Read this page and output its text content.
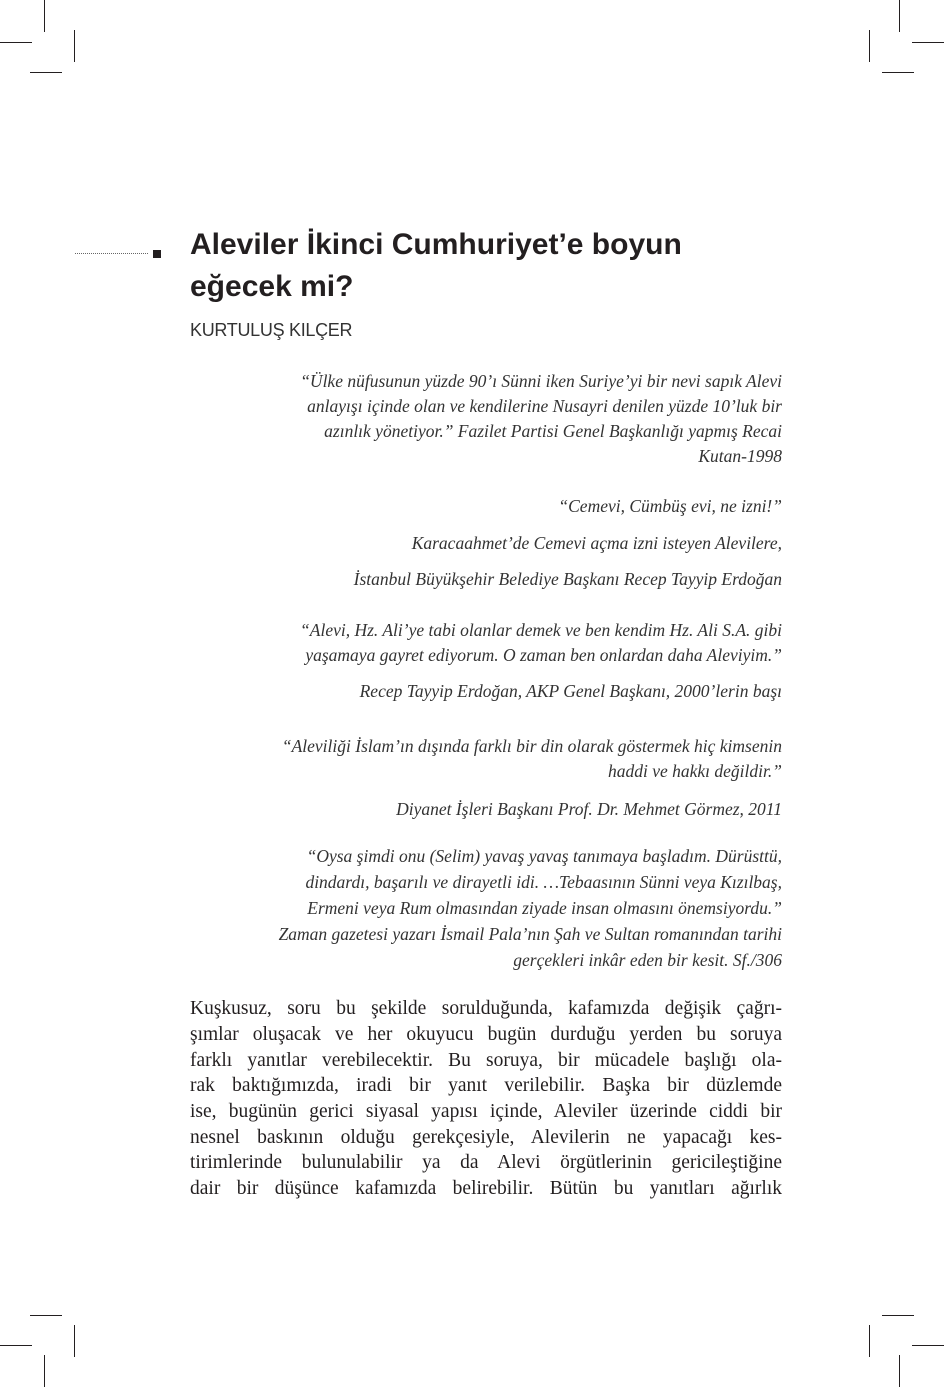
Aleviler İkinci Cumhuriyet’e boyun
eğecek mi?
KURTULUŞ KILÇER
“Ülke nüfusunun yüzde 90’ı Sünni iken Suriye’yi bir nevi sapık Alevi
anlayışı içinde olan ve kendilerine Nusayri denilen yüzde 10’luk bir
azınlık yönetiyor.” Fazilet Partisi Genel Başkanlığı yapmış Recai
Kutan-1998
“Cemevi, Cümbüş evi, ne izni!”
Karacaahmet’de Cemevi açma izni isteyen Alevilere,
İstanbul Büyükşehir Belediye Başkanı Recep Tayyip Erdoğan
“Alevi, Hz. Ali’ye tabi olanlar demek ve ben kendim Hz. Ali S.A. gibi
yaşamaya gayret ediyorum. O zaman ben onlardan daha Aleviyim.”
Recep Tayyip Erdoğan, AKP Genel Başkanı, 2000’lerin başı
“Aleviliği İslam’ın dışında farklı bir din olarak göstermek hiç kimsenin
haddi ve hakkı değildir.”
Diyanet İşleri Başkanı Prof. Dr. Mehmet Görmez, 2011
“Oysa şimdi onu (Selim) yavaş yavaş tanımaya başladım. Dürüsttü,
dindardı, başarılı ve dirayetli idi. …Tebaasının Sünni veya Kızılbaş,
Ermeni veya Rum olmasından ziyade insan olmasını önemsiyordu.”
Zaman gazetesi yazarı İsmail Pala’nın Şah ve Sultan romanından tarihi
gerçekleri inkâr eden bir kesit. Sf./306
Kuşkusuz, soru bu şekilde sorulduğunda, kafamızda değişik çağrı-
şımlar oluşacak ve her okuyucu bugün durduğu yerden bu soruya
farklı yanıtlar verebilecektir. Bu soruya, bir mücadele başlığı ola-
rak baktığımızda, iradi bir yanıt verilebilir. Başka bir düzlemde
ise, bugünün gerici siyasal yapısı içinde, Aleviler üzerinde ciddi bir
nesnel baskının olduğu gerekçesiyle, Alevilerin ne yapacağı kes-
tirimlerinde bulunulabilir ya da Alevi örgütlerinin gericileştiğine
dair bir düşünce kafamızda belirebilir. Bütün bu yanıtları ağırlık
